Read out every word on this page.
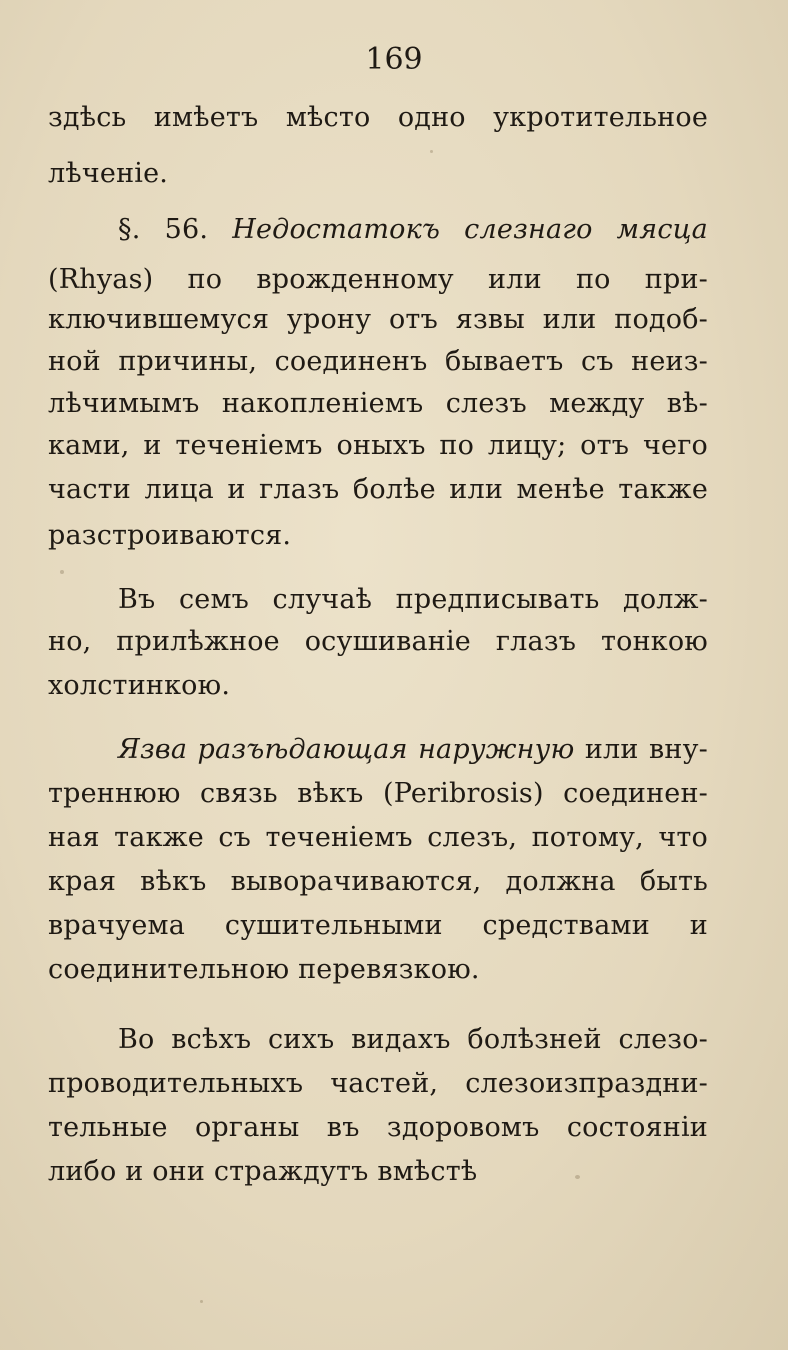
169
здѣсь имѣетъ мѣсто одно укротительное
лѣченіе.
§. 56. Недостатокъ слезнаго мясца
(Rhyas) по врожденному или по при-
ключившемуся урону отъ язвы или подоб-
ной причины, соединенъ бываетъ съ неиз-
лѣчимымъ накопленіемъ слезъ между вѣ-
ками, и теченіемъ оныхъ по лицу; отъ чего
части лица и глазъ болѣе или менѣе также
разстроиваются.
Въ семъ случаѣ предписывать долж-
но, прилѣжное осушиваніе глазъ тонкою
холстинкою.
Язва разъѣдающая наружную или вну-
треннюю связь вѣкъ (Peribrosis) соединен-
ная также съ теченіемъ слезъ, потому, что
края вѣкъ выворачиваются, должна быть
врачуема сушительными средствами и
соединительною перевязкою.
Во всѣхъ сихъ видахъ болѣзней слезо-
проводительныхъ частей, слезоизпраздни-
тельные органы въ здоровомъ состояніи
либо и они страждутъ вмѣстѣ
